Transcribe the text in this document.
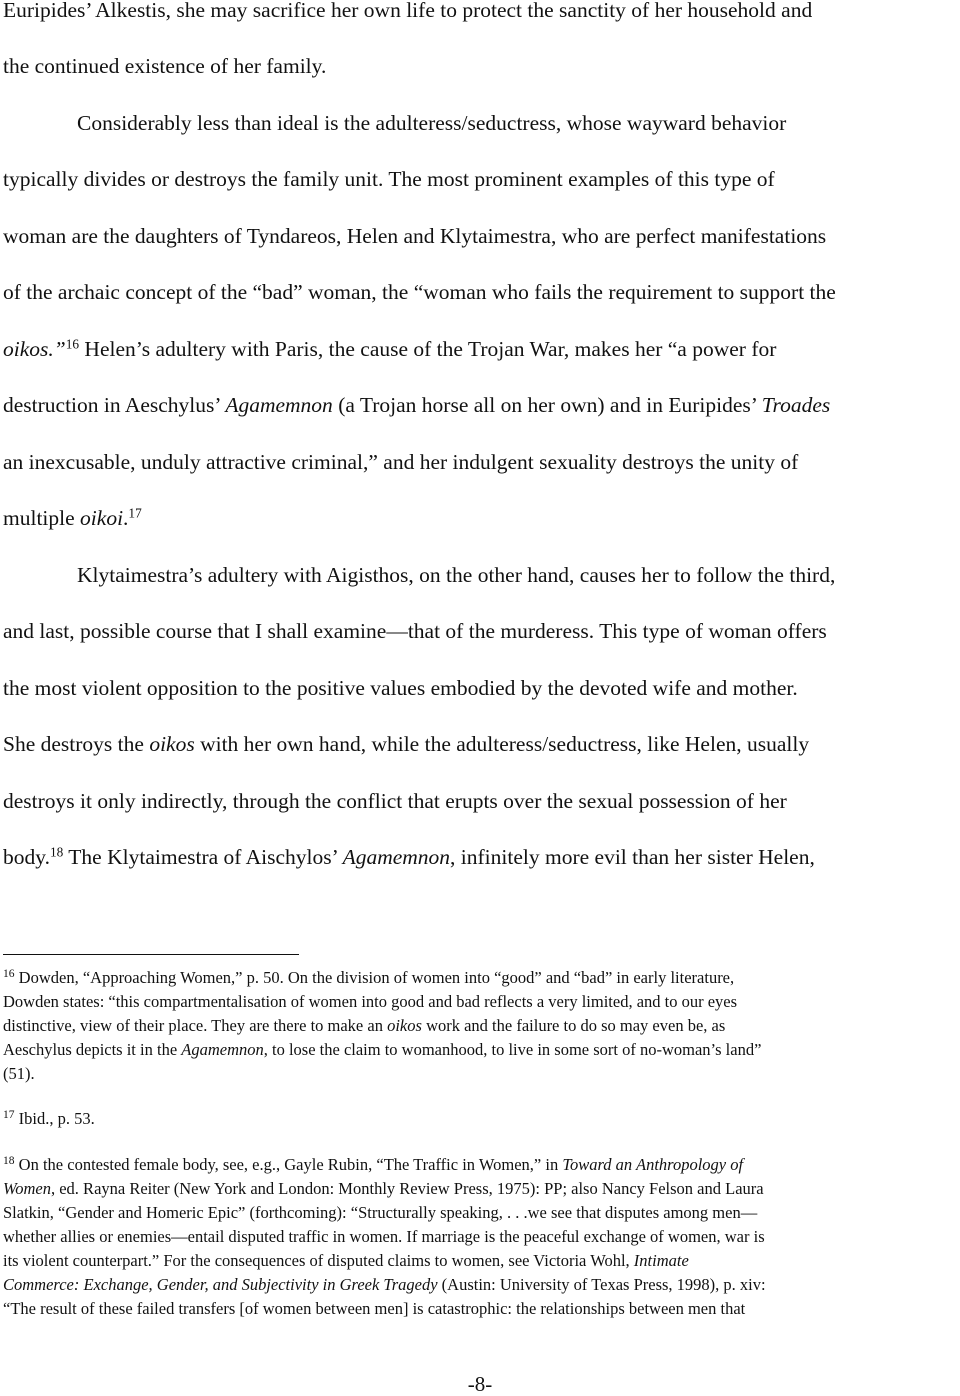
Euripides’ Alkestis, she may sacrifice her own life to protect the sanctity of her household and
the continued existence of her family.
Considerably less than ideal is the adulteress/seductress, whose wayward behavior
typically divides or destroys the family unit. The most prominent examples of this type of
woman are the daughters of Tyndareos, Helen and Klytaimestra, who are perfect manifestations
of the archaic concept of the “bad” woman, the “woman who fails the requirement to support the
oikos.”$^{16}$ Helen’s adultery with Paris, the cause of the Trojan War, makes her “a power for
destruction in Aeschylus’ Agamemnon (a Trojan horse all on her own) and in Euripides’ Troades
an inexcusable, unduly attractive criminal,” and her indulgent sexuality destroys the unity of
multiple oikoi.$^{17}$
Klytaimestra’s adultery with Aigisthos, on the other hand, causes her to follow the third,
and last, possible course that I shall examine—that of the murderess. This type of woman offers
the most violent opposition to the positive values embodied by the devoted wife and mother.
She destroys the oikos with her own hand, while the adulteress/seductress, like Helen, usually
destroys it only indirectly, through the conflict that erupts over the sexual possession of her
body.$^{18}$ The Klytaimestra of Aischylos’ Agamemnon, infinitely more evil than her sister Helen,
$^{16}$ Dowden, “Approaching Women,” p. 50. On the division of women into “good” and “bad” in early literature,
Dowden states: “this compartmentalisation of women into good and bad reflects a very limited, and to our eyes
distinctive, view of their place. They are there to make an oikos work and the failure to do so may even be, as
Aeschylus depicts it in the Agamemnon, to lose the claim to womanhood, to live in some sort of no-woman’s land”
(51).
$^{17}$ Ibid., p. 53.
$^{18}$ On the contested female body, see, e.g., Gayle Rubin, “The Traffic in Women,” in Toward an Anthropology of
Women, ed. Rayna Reiter (New York and London: Monthly Review Press, 1975): PP; also Nancy Felson and Laura
Slatkin, “Gender and Homeric Epic” (forthcoming): “Structurally speaking, . . .we see that disputes among men—
whether allies or enemies—entail disputed traffic in women. If marriage is the peaceful exchange of women, war is
its violent counterpart.” For the consequences of disputed claims to women, see Victoria Wohl, Intimate
Commerce: Exchange, Gender, and Subjectivity in Greek Tragedy (Austin: University of Texas Press, 1998), p. xiv:
“The result of these failed transfers [of women between men] is catastrophic: the relationships between men that
-8-
